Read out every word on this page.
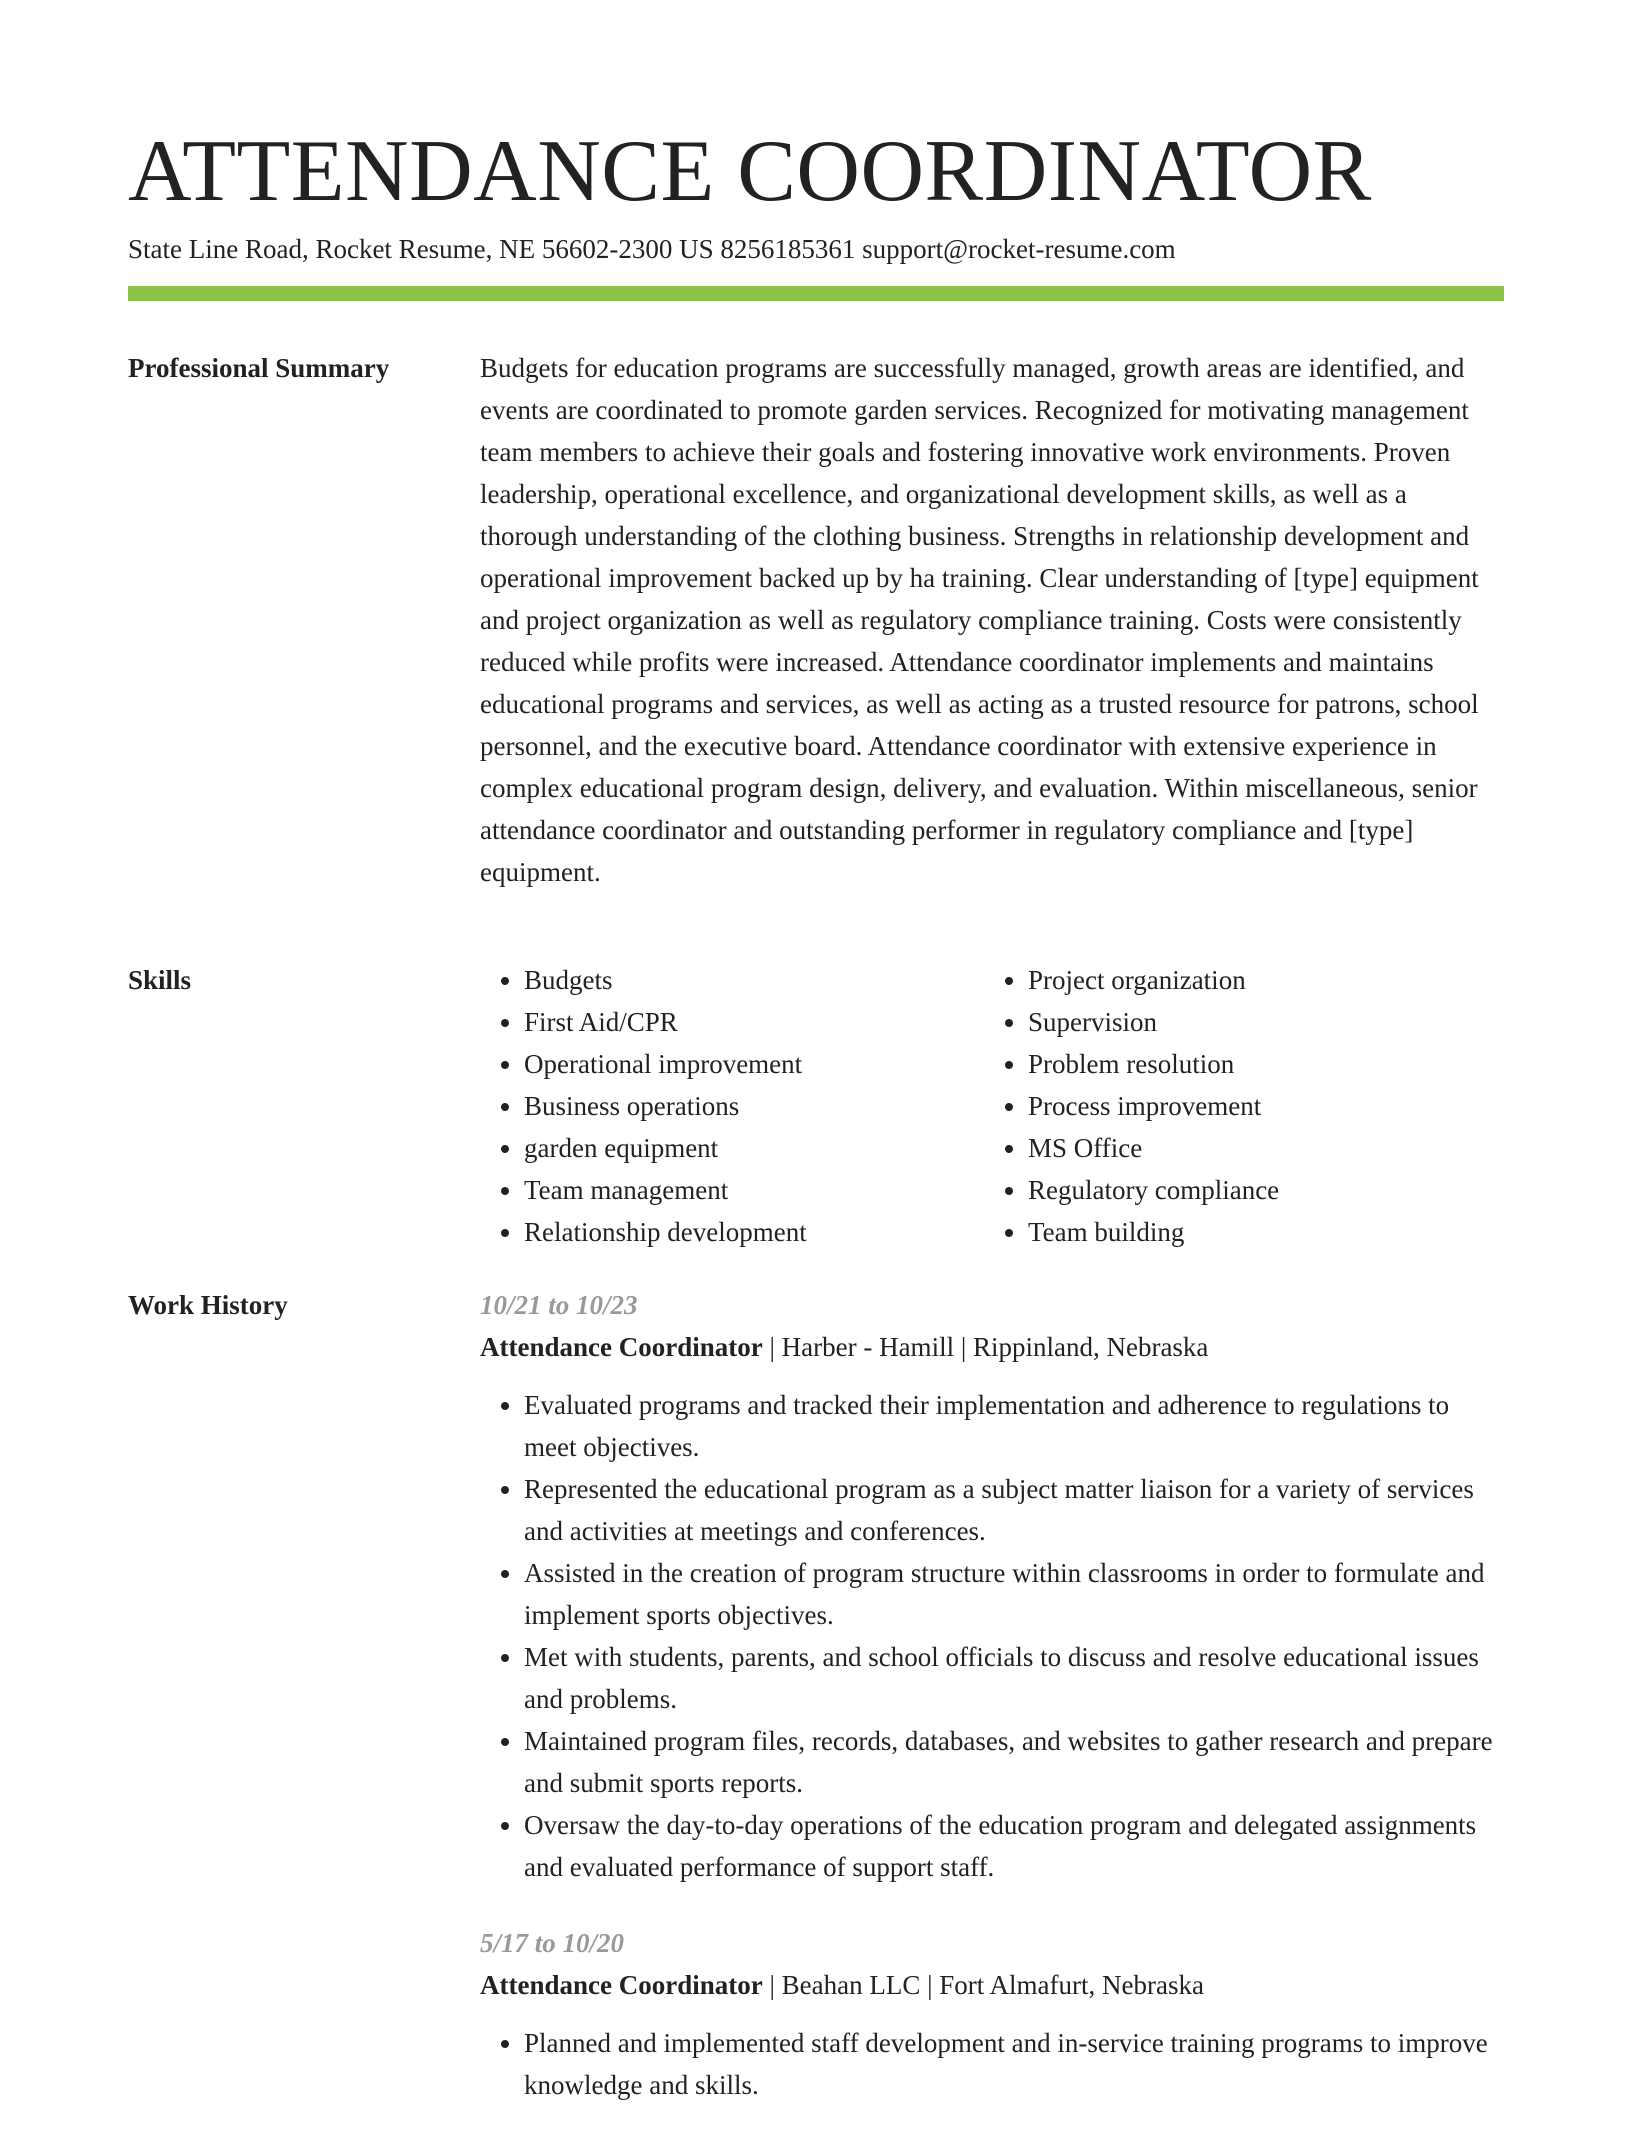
ATTENDANCE COORDINATOR
State Line Road, Rocket Resume, NE 56602-2300 US 8256185361 support@rocket-resume.com
Professional Summary	Budgets for education programs are successfully managed, growth areas are identified, and events are coordinated to promote garden services. Recognized for motivating management team members to achieve their goals and fostering innovative work environments. Proven leadership, operational excellence, and organizational development skills, as well as a thorough understanding of the clothing business. Strengths in relationship development and operational improvement backed up by ha training. Clear understanding of [type] equipment and project organization as well as regulatory compliance training. Costs were consistently reduced while profits were increased. Attendance coordinator implements and maintains educational programs and services, as well as acting as a trusted resource for patrons, school personnel, and the executive board. Attendance coordinator with extensive experience in complex educational program design, delivery, and evaluation. Within miscellaneous, senior attendance coordinator and outstanding performer in regulatory compliance and [type] equipment.

Skills
•	Budgets
• First Aid/CPR
• Operational improvement
• Business operations
• garden equipment
• Team management
• Relationship development
• Project organization
• Supervision
• Problem resolution
• Process improvement
• MS Office
• Regulatory compliance
• Team building
Work History	10/21 to 10/23
Attendance Coordinator | Harber - Hamill | Rippinland, Nebraska
• Evaluated programs and tracked their implementation and adherence to regulations to meet objectives.
• Represented the educational program as a subject matter liaison for a variety of services and activities at meetings and conferences.
• Assisted in the creation of program structure within classrooms in order to formulate and implement sports objectives.
• Met with students, parents, and school officials to discuss and resolve educational issues and problems.
• Maintained program files, records, databases, and websites to gather research and prepare and submit sports reports.
• Oversaw the day-to-day operations of the education program and delegated assignments and evaluated performance of support staff.
5/17 to 10/20
Attendance Coordinator | Beahan LLC | Fort Almafurt, Nebraska
• Planned and implemented staff development and in-service training programs to improve knowledge and skills.
